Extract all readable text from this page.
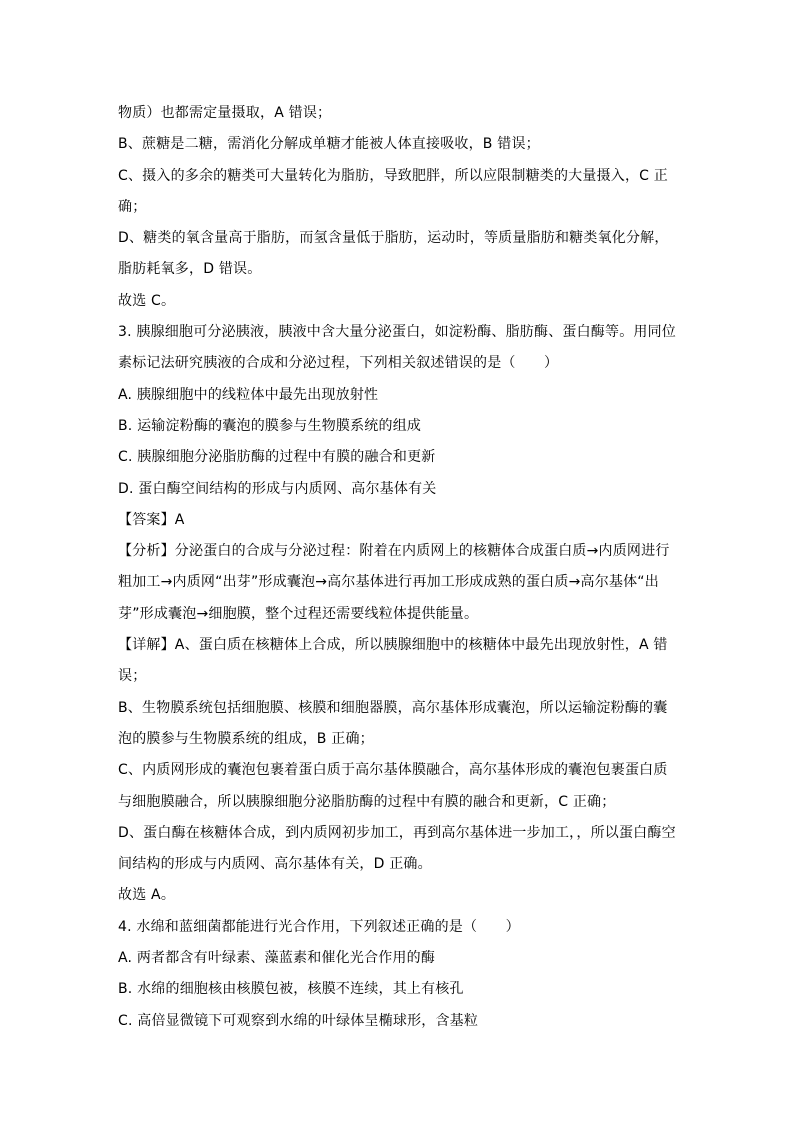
物质）也都需定量摄取，A 错误；
B、蔗糖是二糖，需消化分解成单糖才能被人体直接吸收，B 错误；
C、摄入的多余的糖类可大量转化为脂肪，导致肥胖，所以应限制糖类的大量摄入，C 正
确；
D、糖类的氧含量高于脂肪，而氢含量低于脂肪，运动时，等质量脂肪和糖类氧化分解，
脂肪耗氧多，D 错误。
故选 C。
3. 胰腺细胞可分泌胰液，胰液中含大量分泌蛋白，如淀粉酶、脂肪酶、蛋白酶等。用同位
素标记法研究胰液的合成和分泌过程，下列相关叙述错误的是（　　）
A. 胰腺细胞中的线粒体中最先出现放射性
B. 运输淀粉酶的囊泡的膜参与生物膜系统的组成
C. 胰腺细胞分泌脂肪酶的过程中有膜的融合和更新
D. 蛋白酶空间结构的形成与内质网、高尔基体有关
【答案】A
【分析】分泌蛋白的合成与分泌过程：附着在内质网上的核糖体合成蛋白质→内质网进行
粗加工→内质网“出芽”形成囊泡→高尔基体进行再加工形成成熟的蛋白质→高尔基体“出
芽”形成囊泡→细胞膜，整个过程还需要线粒体提供能量。
【详解】A、蛋白质在核糖体上合成，所以胰腺细胞中的核糖体中最先出现放射性，A 错
误；
B、生物膜系统包括细胞膜、核膜和细胞器膜，高尔基体形成囊泡，所以运输淀粉酶的囊
泡的膜参与生物膜系统的组成，B 正确；
C、内质网形成的囊泡包裹着蛋白质于高尔基体膜融合，高尔基体形成的囊泡包裹蛋白质
与细胞膜融合，所以胰腺细胞分泌脂肪酶的过程中有膜的融合和更新，C 正确；
D、蛋白酶在核糖体合成，到内质网初步加工，再到高尔基体进一步加工，，所以蛋白酶空
间结构的形成与内质网、高尔基体有关，D 正确。
故选 A。
4. 水绵和蓝细菌都能进行光合作用，下列叙述正确的是（　　）
A. 两者都含有叶绿素、藻蓝素和催化光合作用的酶
B. 水绵的细胞核由核膜包被，核膜不连续，其上有核孔
C. 高倍显微镜下可观察到水绵的叶绿体呈椭球形，含基粒
